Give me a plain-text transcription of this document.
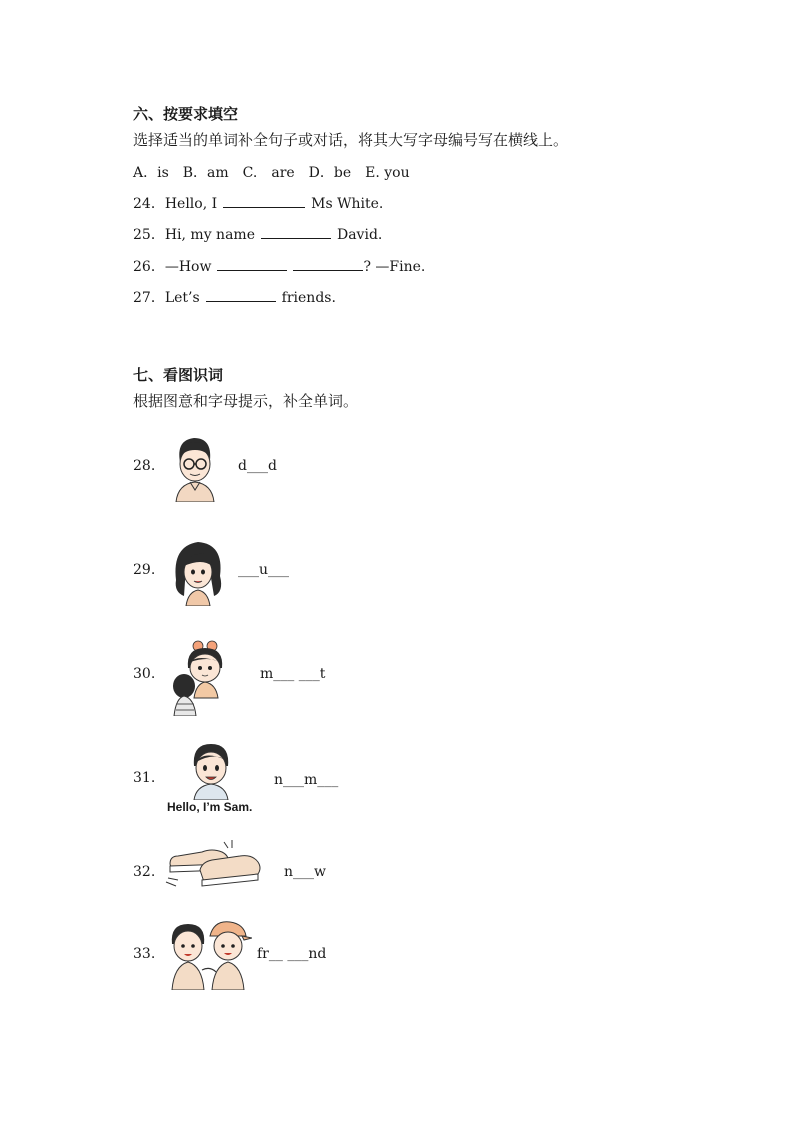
六、按要求填空
选择适当的单词补全句子或对话，将其大写字母编号写在横线上。
A．is　B．am　C.　are　D．be　E. you
24．Hello, I	Ms White.
25．Hi, my name	David.
26．—How	? —Fine.
27．Let’s	friends.
七、看图识词
根据图意和字母提示，补全单词。
28.	d___d
29.	___u___
30.	m___ ___t
31.
Hello, I’m Sam.
n___m___
32.	n___w
33.	fr__ ___nd
